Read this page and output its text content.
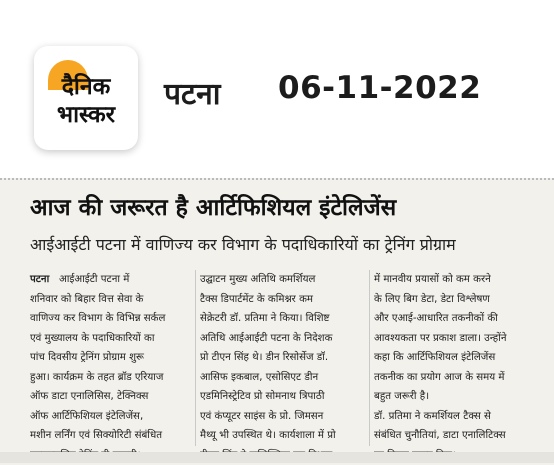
दैनिक
भास्कर
पटना 06-11-2022
आज की जरूरत है आर्टिफिशियल इंटेलिजेंस
आईआईटी पटना में वाणिज्य कर विभाग के पदाधिकारियों का ट्रेनिंग प्रोग्राम
पटना आईआईटी पटना में
शनिवार को बिहार वित्त सेवा के
वाणिज्य कर विभाग के विभिन्न सर्कल
एवं मुख्यालय के पदाधिकारियों का
पांच दिवसीय ट्रेनिंग प्रोग्राम शुरू
हुआ। कार्यक्रम के तहत ब्रॉड एरियाज
ऑफ डाटा एनालिसिस, टेक्निक्स
ऑफ आर्टिफिशियल इंटेलिजेंस,
मशीन लर्निंग एवं सिक्योरिटी संबंधित
उद्घाटन मुख्य अतिथि कमर्शियल
टैक्स डिपार्टमेंट के कमिश्नर कम
सेक्रेटरी डॉ. प्रतिमा ने किया। विशिष्ट
अतिथि आईआईटी पटना के निदेशक
प्रो टीएन सिंह थे। डीन रिसोर्सेज डॉ.
आसिफ इकबाल, एसोसिएट डीन
एडमिनिस्ट्रेटिव प्रो सोमनाथ त्रिपाठी
एवं कंप्यूटर साइंस के प्रो. जिमसन
मैथ्यू भी उपस्थित थे। कार्यशाला में प्रो
में मानवीय प्रयासों को कम करने
के लिए बिग डेटा, डेटा विश्लेषण
और एआई-आधारित तकनीकों की
आवश्यकता पर प्रकाश डाला। उन्होंने
कहा कि आर्टिफिशियल इंटेलिजेंस
तकनीक का प्रयोग आज के समय में
बहुत जरूरी है।
डॉ. प्रतिमा ने कमर्शियल टैक्स से
संबंधित चुनौतियां, डाटा एनालिटिक्स
